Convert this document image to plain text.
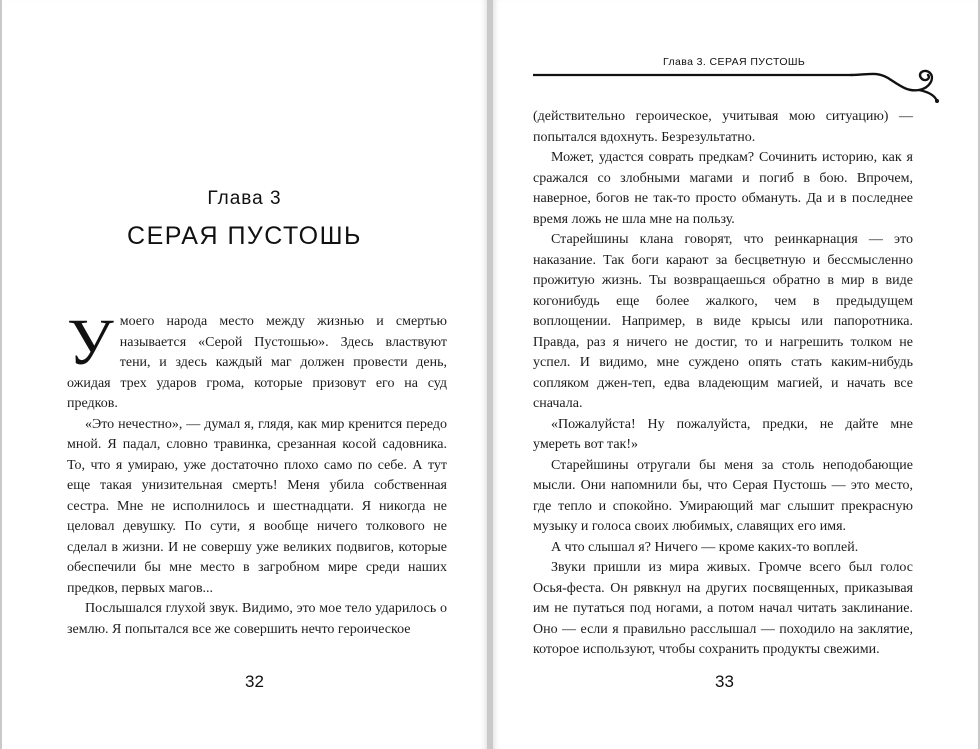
Глава 3
СЕРАЯ ПУСТОШЬ

У моего народа место между жизнью и смертью называется «Серой Пустошью». Здесь властвуют тени, и здесь каждый маг должен провести день, ожидая трех ударов грома, которые призовут его на суд предков.

«Это нечестно», — думал я, глядя, как мир кренится передо мной. Я падал, словно травинка, срезанная косой садовника. То, что я умираю, уже достаточно плохо само по себе. А тут еще такая унизительная смерть! Меня убила собственная сестра. Мне не исполнилось и шестнадцати. Я никогда не целовал девушку. По сути, я вообще ничего толкового не сделал в жизни. И не совершу уже великих подвигов, которые обеспечили бы мне место в загробном мире среди наших предков, первых магов...

Послышался глухой звук. Видимо, это мое тело ударилось о землю. Я попытался все же совершить нечто героическое

32
Глава 3. СЕРАЯ ПУСТОШЬ

(действительно героическое, учитывая мою ситуацию) — попытался вдохнуть. Безрезультатно.

Может, удастся соврать предкам? Сочинить историю, как я сражался со злобными магами и погиб в бою. Впрочем, наверное, богов не так-то просто обмануть. Да и в последнее время ложь не шла мне на пользу.

Старейшины клана говорят, что реинкарнация — это наказание. Так боги карают за бесцветную и бессмысленно прожитую жизнь. Ты возвращаешься обратно в мир в виде когонибудь еще более жалкого, чем в предыдущем воплощении. Например, в виде крысы или папоротника. Правда, раз я ничего не достиг, то и нагрешить толком не успел. И видимо, мне суждено опять стать каким-нибудь сопляком джен-теп, едва владеющим магией, и начать все сначала.

«Пожалуйста! Ну пожалуйста, предки, не дайте мне умереть вот так!»

Старейшины отругали бы меня за столь неподобающие мысли. Они напомнили бы, что Серая Пустошь — это место, где тепло и спокойно. Умирающий маг слышит прекрасную музыку и голоса своих любимых, славящих его имя.

А что слышал я? Ничего — кроме каких-то воплей.

Звуки пришли из мира живых. Громче всего был голос Осья-феста. Он рявкнул на других посвященных, приказывая им не путаться под ногами, а потом начал читать заклинание. Оно — если я правильно расслышал — походило на заклятие, которое используют, чтобы сохранить продукты свежими.

33
